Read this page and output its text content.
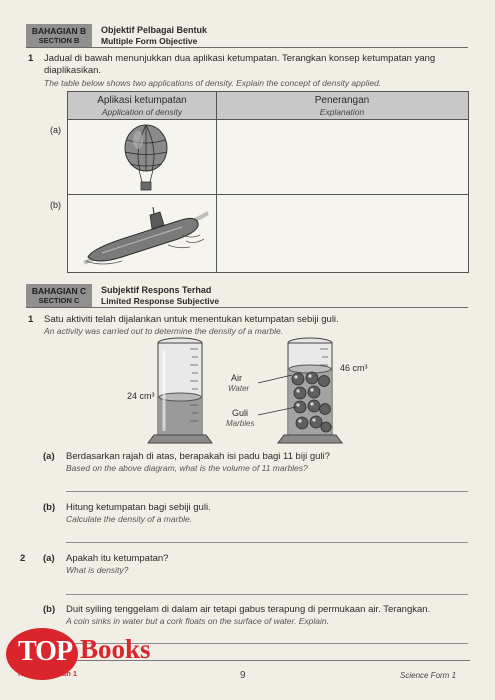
BAHAGIAN B
SECTION B
Objektif Pelbagai Bentuk
Multiple Form Objective
1 Jadual di bawah menunjukkan dua aplikasi ketumpatan. Terangkan konsep ketumpatan yang
diaplikasikan.
The table below shows two applications of density. Explain the concept of density applied.
Aplikasi ketumpatan
Application of density
Penerangan
Explanation
(a)
(b)
BAHAGIAN C
SECTION C
Subjektif Respons Terhad
Limited Response Subjective
1 Satu aktiviti telah dijalankan untuk menentukan ketumpatan sebiji guli.
An activity was carried out to determine the density of a marble.
24 cm³
46 cm³
Air
Water
Guli
Marbles
(a) Berdasarkan rajah di atas, berapakah isi padu bagi 11 biji guli?
Based on the above diagram, what is the volume of 11 marbles?
(b) Hitung ketumpatan bagi sebiji guli.
Calculate the density of a marble.
2 (a) Apakah itu ketumpatan?
What is density?
(b) Duit syiling tenggelam di dalam air tetapi gabus terapung di permukaan air. Terangkan.
A coin sinks in water but a cork floats on the surface of water. Explain.
9	Science Form 1
TOP Books
New Tingkatan 1
